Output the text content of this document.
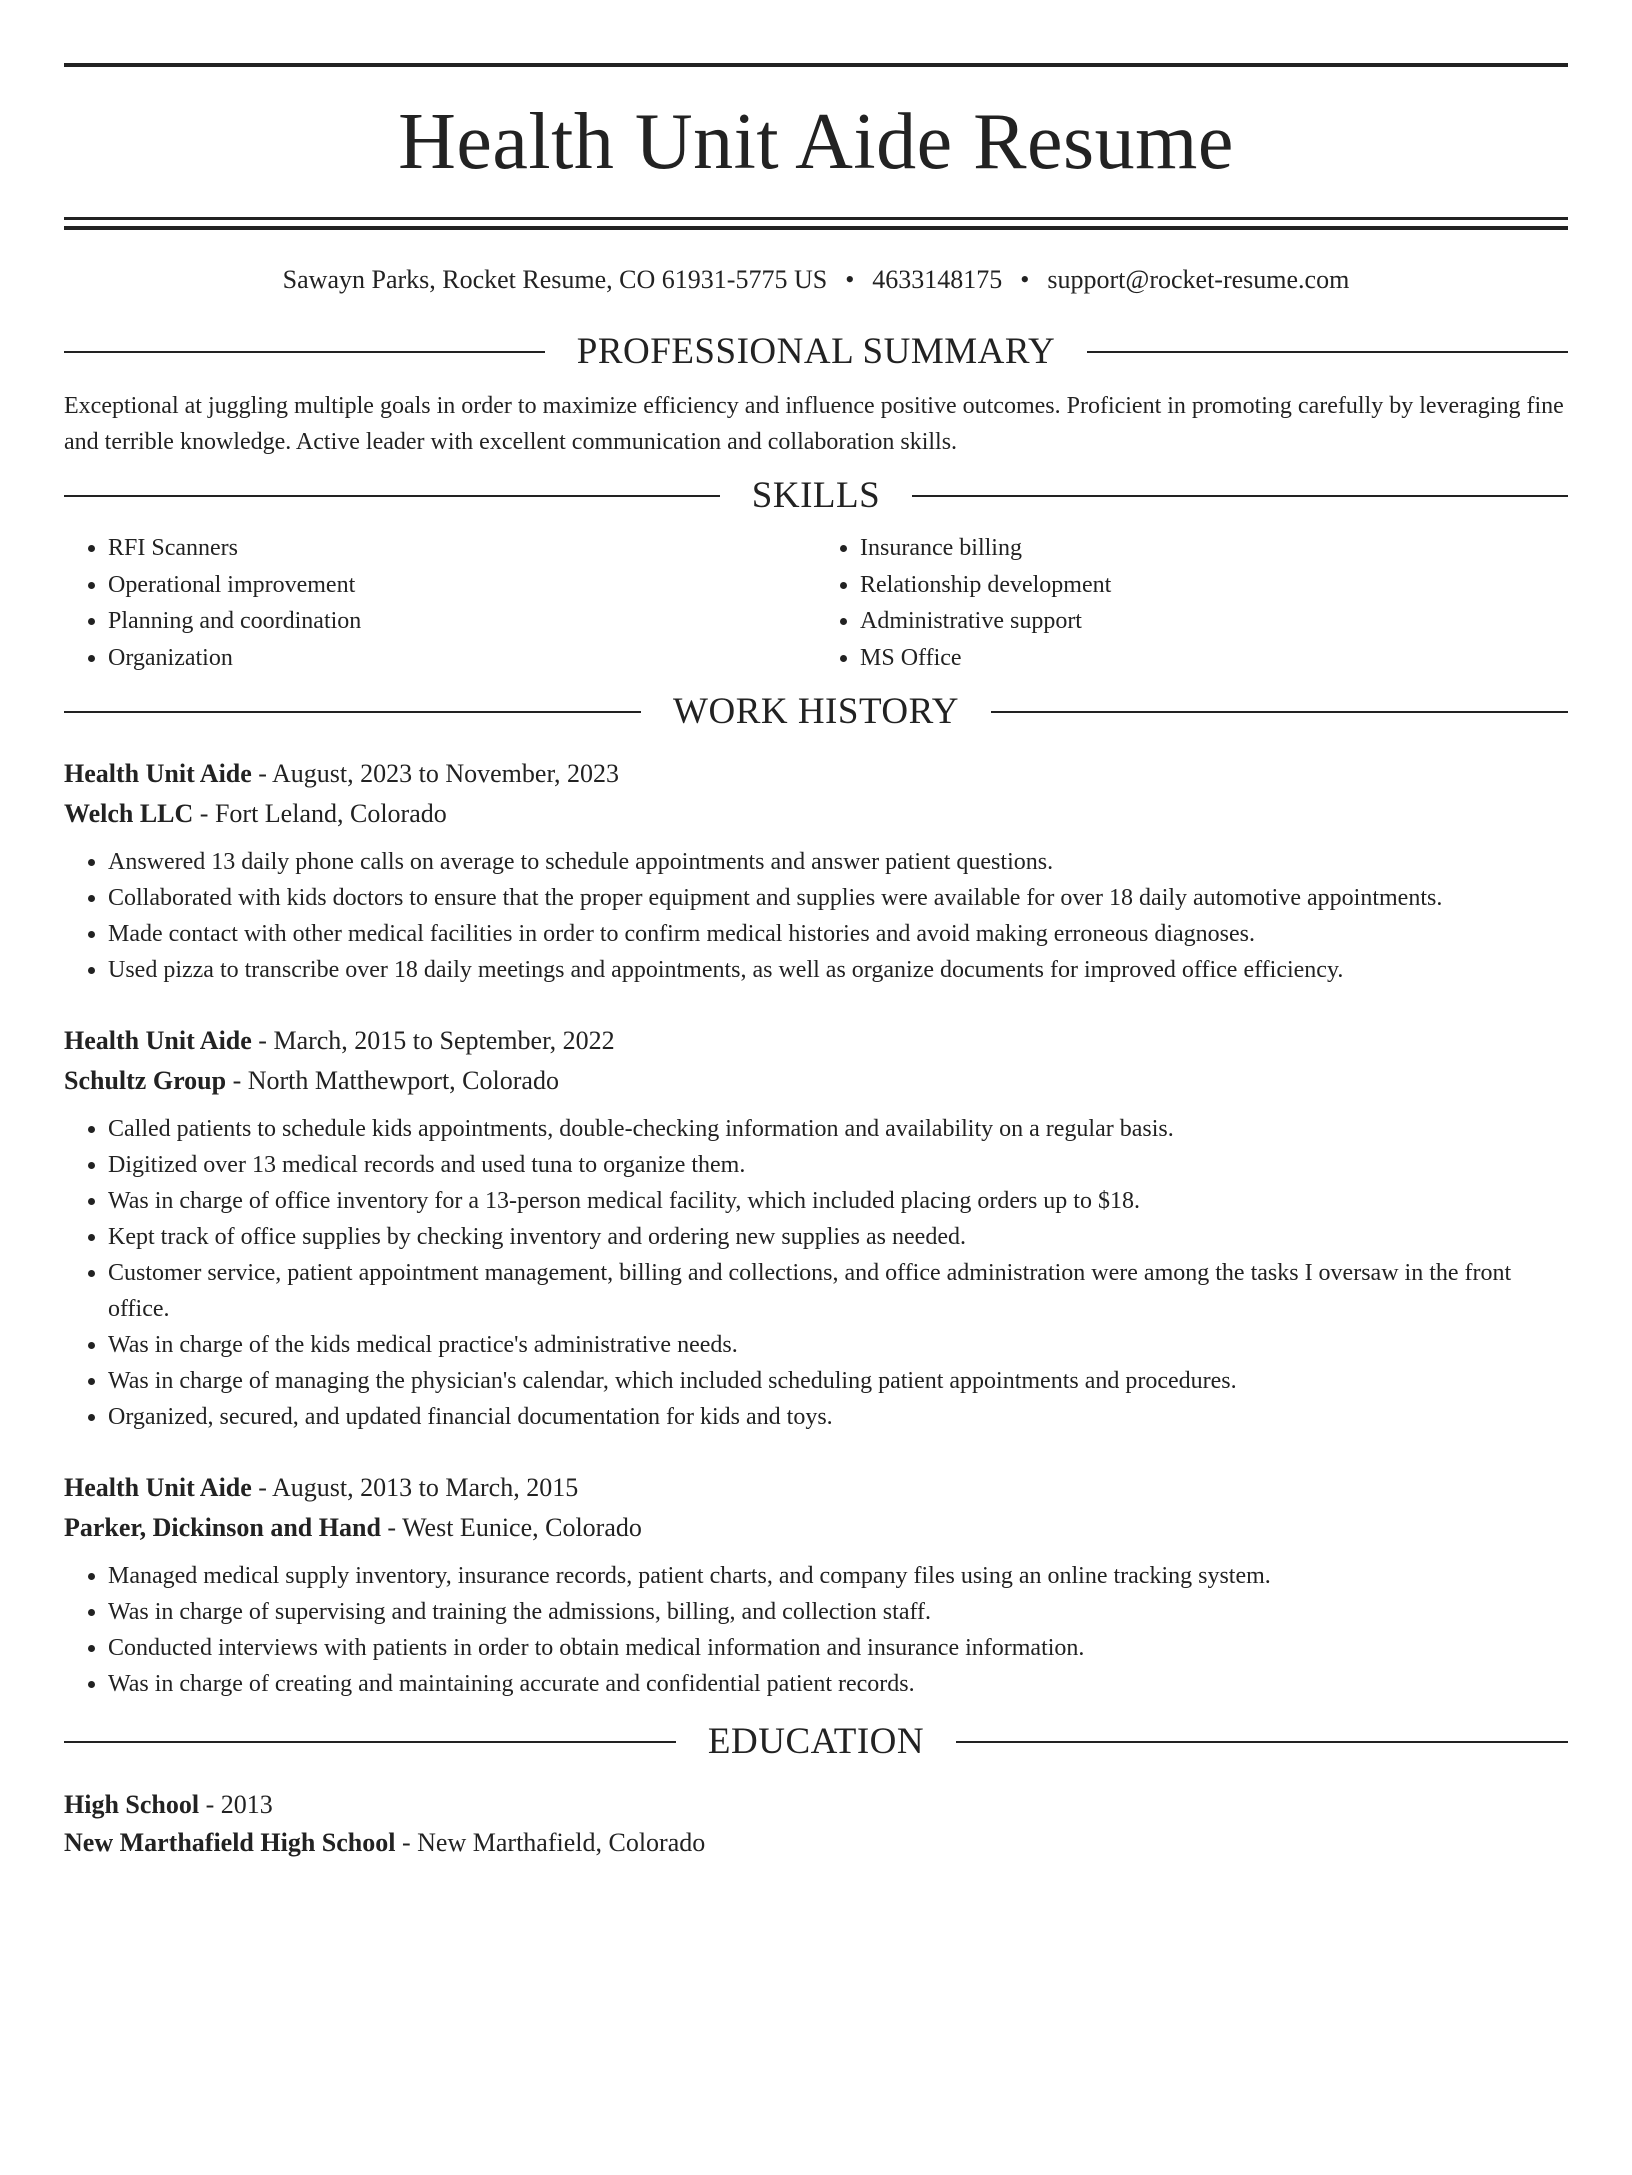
Health Unit Aide Resume
Sawayn Parks, Rocket Resume, CO 61931-5775 US • 4633148175 • support@rocket-resume.com
PROFESSIONAL SUMMARY
Exceptional at juggling multiple goals in order to maximize efficiency and influence positive outcomes. Proficient in promoting carefully by leveraging fine and terrible knowledge. Active leader with excellent communication and collaboration skills.
SKILLS
• RFI Scanners
• Operational improvement
• Planning and coordination
• Organization
• Insurance billing
• Relationship development
• Administrative support
• MS Office
WORK HISTORY
Health Unit Aide - August, 2023 to November, 2023
Welch LLC - Fort Leland, Colorado
• Answered 13 daily phone calls on average to schedule appointments and answer patient questions.
• Collaborated with kids doctors to ensure that the proper equipment and supplies were available for over 18 daily automotive appointments.
• Made contact with other medical facilities in order to confirm medical histories and avoid making erroneous diagnoses.
• Used pizza to transcribe over 18 daily meetings and appointments, as well as organize documents for improved office efficiency.
Health Unit Aide - March, 2015 to September, 2022
Schultz Group - North Matthewport, Colorado
• Called patients to schedule kids appointments, double-checking information and availability on a regular basis.
• Digitized over 13 medical records and used tuna to organize them.
• Was in charge of office inventory for a 13-person medical facility, which included placing orders up to $18.
• Kept track of office supplies by checking inventory and ordering new supplies as needed.
• Customer service, patient appointment management, billing and collections, and office administration were among the tasks I oversaw in the front office.
• Was in charge of the kids medical practice's administrative needs.
• Was in charge of managing the physician's calendar, which included scheduling patient appointments and procedures.
• Organized, secured, and updated financial documentation for kids and toys.
Health Unit Aide - August, 2013 to March, 2015
Parker, Dickinson and Hand - West Eunice, Colorado
• Managed medical supply inventory, insurance records, patient charts, and company files using an online tracking system.
• Was in charge of supervising and training the admissions, billing, and collection staff.
• Conducted interviews with patients in order to obtain medical information and insurance information.
• Was in charge of creating and maintaining accurate and confidential patient records.
EDUCATION
High School - 2013
New Marthafield High School - New Marthafield, Colorado
